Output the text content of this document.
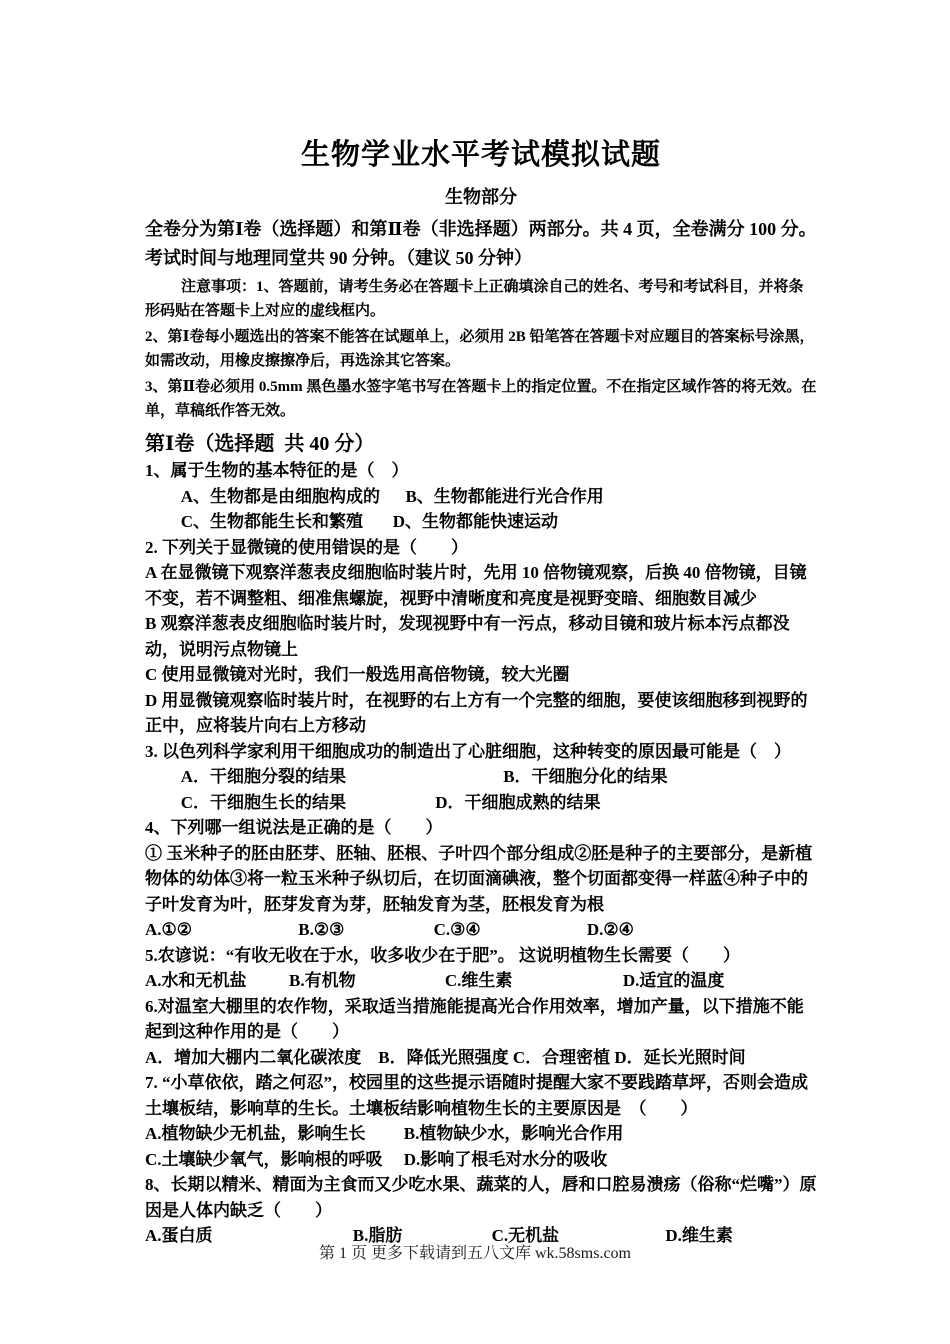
生物学业水平考试模拟试题
生物部分

全卷分为第Ⅰ卷（选择题）和第Ⅱ卷（非选择题）两部分。共 4 页，全卷满分 100 分。考试时间与地理同堂共 90 分钟。（建议 50 分钟）

注意事项：1、答题前，请考生务必在答题卡上正确填涂自己的姓名、考号和考试科目，并将条形码贴在答题卡上对应的虚线框内。

2、第Ⅰ卷每小题选出的答案不能答在试题单上，必须用 2B 铅笔答在答题卡对应题目的答案标号涂黑，如需改动，用橡皮擦擦净后，再选涂其它答案。

3、第Ⅱ卷必须用 0.5mm 黑色墨水签字笔书写在答题卡上的指定位置。不在指定区域作答的将无效。在 单，草稿纸作答无效。

第Ⅰ卷（选择题  共 40 分）

1、属于生物的基本特征的是（　）

A、生物都是由细胞构成的　  B、生物都能进行光合作用

C、生物都能生长和繁殖　   D、生物都能快速运动

2. 下列关于显微镜的使用错误的是（　　）

A 在显微镜下观察洋葱表皮细胞临时装片时，先用 10 倍物镜观察，后换 40 倍物镜，目镜不变，若不调整粗、细准焦螺旋，视野中清晰度和亮度是视野变暗、细胞数目减少

B 观察洋葱表皮细胞临时装片时，发现视野中有一污点，移动目镜和玻片标本污点都没动，说明污点物镜上

C 使用显微镜对光时，我们一般选用高倍物镜，较大光圈

D 用显微镜观察临时装片时，在视野的右上方有一个完整的细胞，要使该细胞移到视野的正中，应将装片向右上方移动

3. 以色列科学家利用干细胞成功的制造出了心脏细胞，这种转变的原因最可能是（　）

A．干细胞分裂的结果　　　　　　　　　 B．干细胞分化的结果

C．干细胞生长的结果　　　　　 D．干细胞成熟的结果

4、下列哪一组说法是正确的是（　　）

① 玉米种子的胚由胚芽、胚轴、胚根、子叶四个部分组成②胚是种子的主要部分，是新植物体的幼体③将一粒玉米种子纵切后，在切面滴碘液，整个切面都变得一样蓝④种子中的子叶发育为叶，胚芽发育为芽，胚轴发育为茎，胚根发育为根

A.①②　　　　　　 B.②③　　　　　 C.③④　　　　　　 D.②④

5.农谚说：“有收无收在于水，收多收少在于肥”。 这说明植物生长需要（　　）

A.水和无机盐　　  B.有机物　　　　　 C.维生素　　　　　　  D.适宜的温度

6.对温室大棚里的农作物，采取适当措施能提高光合作用效率，增加产量，以下措施不能起到这种作用的是（　　）

A．增加大棚内二氧化碳浓度　B．降低光照强度 C．合理密植 D．延长光照时间

7. “小草依依，踏之何忍”，校园里的这些提示语随时提醒大家不要践踏草坪，否则会造成土壤板结，影响草的生长。土壤板结影响植物生长的主要原因是　（　　）

A.植物缺少无机盐，影响生长　　 B.植物缺少水，影响光合作用

C.土壤缺少氧气，影响根的呼吸　 D.影响了根毛对水分的吸收

8、长期以精米、精面为主食而又少吃水果、蔬菜的人，唇和口腔易溃疡（俗称“烂嘴”）原因是人体内缺乏（　　）

A.蛋白质　　　　　　　　 B.脂肪　　　　　 C.无机盐　　　　　　 D.维生素

第 1 页 更多下载请到五八文库 wk.58sms.com
